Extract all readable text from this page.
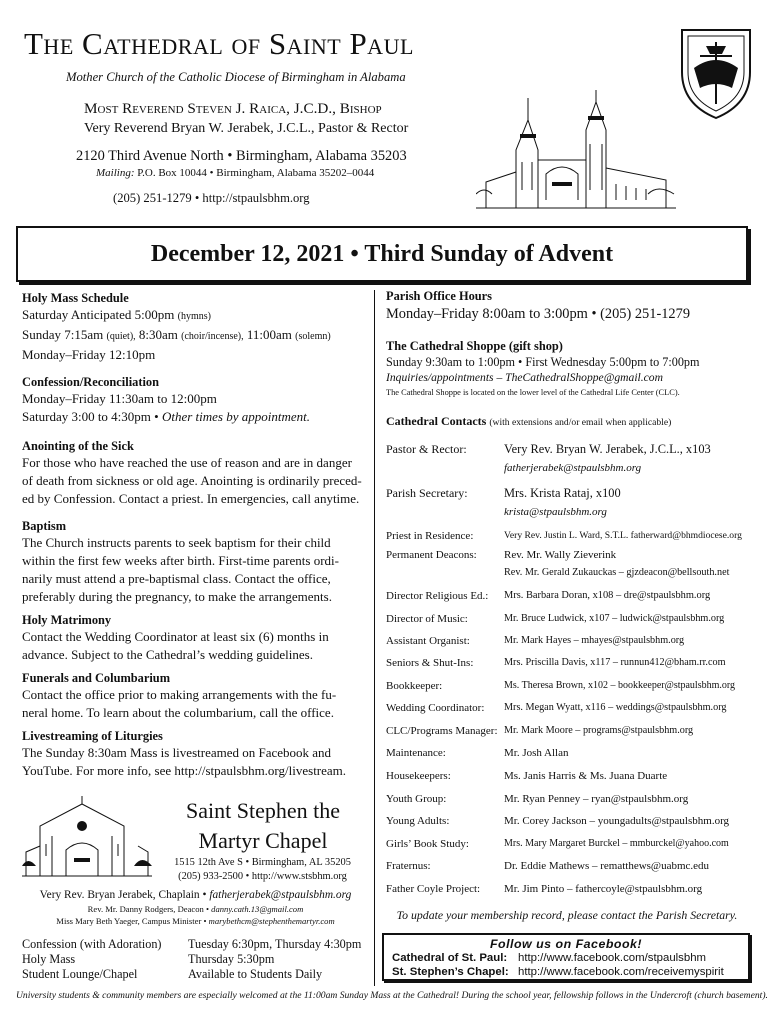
The Cathedral of Saint Paul
Mother Church of the Catholic Diocese of Birmingham in Alabama
Most Reverend Steven J. Raica, J.C.D., Bishop
Very Reverend Bryan W. Jerabek, J.C.L., Pastor & Rector
2120 Third Avenue North • Birmingham, Alabama 35203
Mailing: P.O. Box 10044 • Birmingham, Alabama 35202–0044
(205) 251-1279 • http://stpaulsbhm.org
December 12, 2021 • Third Sunday of Advent
Holy Mass Schedule
Saturday Anticipated 5:00pm (hymns)
Sunday 7:15am (quiet), 8:30am (choir/incense), 11:00am (solemn)
Monday–Friday 12:10pm
Confession/Reconciliation
Monday–Friday 11:30am to 12:00pm
Saturday 3:00 to 4:30pm • Other times by appointment.
Anointing of the Sick
For those who have reached the use of reason and are in danger
of death from sickness or old age. Anointing is ordinarily preced-
ed by Confession. Contact a priest. In emergencies, call anytime.
Baptism
The Church instructs parents to seek baptism for their child
within the first few weeks after birth. First-time parents ordi-
narily must attend a pre-baptismal class. Contact the office,
preferably during the pregnancy, to make the arrangements.
Holy Matrimony
Contact the Wedding Coordinator at least six (6) months in
advance. Subject to the Cathedral’s wedding guidelines.
Funerals and Columbarium
Contact the office prior to making arrangements with the fu-
neral home. To learn about the columbarium, call the office.
Livestreaming of Liturgies
The Sunday 8:30am Mass is livestreamed on Facebook and
YouTube. For more info, see http://stpaulsbhm.org/livestream.
Saint Stephen the
Martyr Chapel
1515 12th Ave S • Birmingham, AL 35205
(205) 933-2500 • http://www.stsbhm.org
Very Rev. Bryan Jerabek, Chaplain • fatherjerabek@stpaulsbhm.org
Rev. Mr. Danny Rodgers, Deacon • danny.cath.13@gmail.com
Miss Mary Beth Yaeger, Campus Minister • marybethcm@stephenthemartyr.com
Confession (with Adoration) Tuesday 6:30pm, Thursday 4:30pm
Holy Mass	Thursday 5:30pm
Student Lounge/Chapel	Available to Students Daily
Parish Office Hours
Monday–Friday 8:00am to 3:00pm • (205) 251-1279
The Cathedral Shoppe (gift shop)
Sunday 9:30am to 1:00pm • First Wednesday 5:00pm to 7:00pm
Inquiries/appointments – TheCathedralShoppe@gmail.com
The Cathedral Shoppe is located on the lower level of the Cathedral Life Center (CLC).
Cathedral Contacts (with extensions and/or email when applicable)
Pastor & Rector:	Very Rev. Bryan W. Jerabek, J.C.L., x103
fatherjerabek@stpaulsbhm.org
Parish Secretary:	Mrs. Krista Rataj, x100
krista@stpaulsbhm.org
Priest in Residence:	Very Rev. Justin L. Ward, S.T.L. fatherward@bhmdiocese.org
Permanent Deacons: Rev. Mr. Wally Zieverink
Rev. Mr. Gerald Zukauckas – gjzdeacon@bellsouth.net
Director Religious Ed.: Mrs. Barbara Doran, x108 – dre@stpaulsbhm.org
Director of Music:	Mr. Bruce Ludwick, x107 – ludwick@stpaulsbhm.org
Assistant Organist:	Mr. Mark Hayes – mhayes@stpaulsbhm.org
Seniors & Shut-Ins:	Mrs. Priscilla Davis, x117 – runnun412@bham.rr.com
Bookkeeper:	Ms. Theresa Brown, x102 – bookkeeper@stpaulsbhm.org
Wedding Coordinator: Mrs. Megan Wyatt, x116 – weddings@stpaulsbhm.org
CLC/Programs Manager: Mr. Mark Moore – programs@stpaulsbhm.org
Maintenance:	Mr. Josh Allan
Housekeepers:	Ms. Janis Harris & Ms. Juana Duarte
Youth Group:	Mr. Ryan Penney – ryan@stpaulsbhm.org
Young Adults:	Mr. Corey Jackson – youngadults@stpaulsbhm.org
Girls’ Book Study:	Mrs. Mary Margaret Burckel – mmburckel@yahoo.com
Fraternus:	Dr. Eddie Mathews – rematthews@uabmc.edu
Father Coyle Project: Mr. Jim Pinto – fathercoyle@stpaulsbhm.org
To update your membership record, please contact the Parish Secretary.
Follow us on Facebook!
Cathedral of St. Paul: http://www.facebook.com/stpaulsbhm
St. Stephen’s Chapel: http://www.facebook.com/receivemyspirit
University students & community members are especially welcomed at the 11:00am Sunday Mass at the Cathedral! During the school year, fellowship follows in the Undercroft (church basement).
